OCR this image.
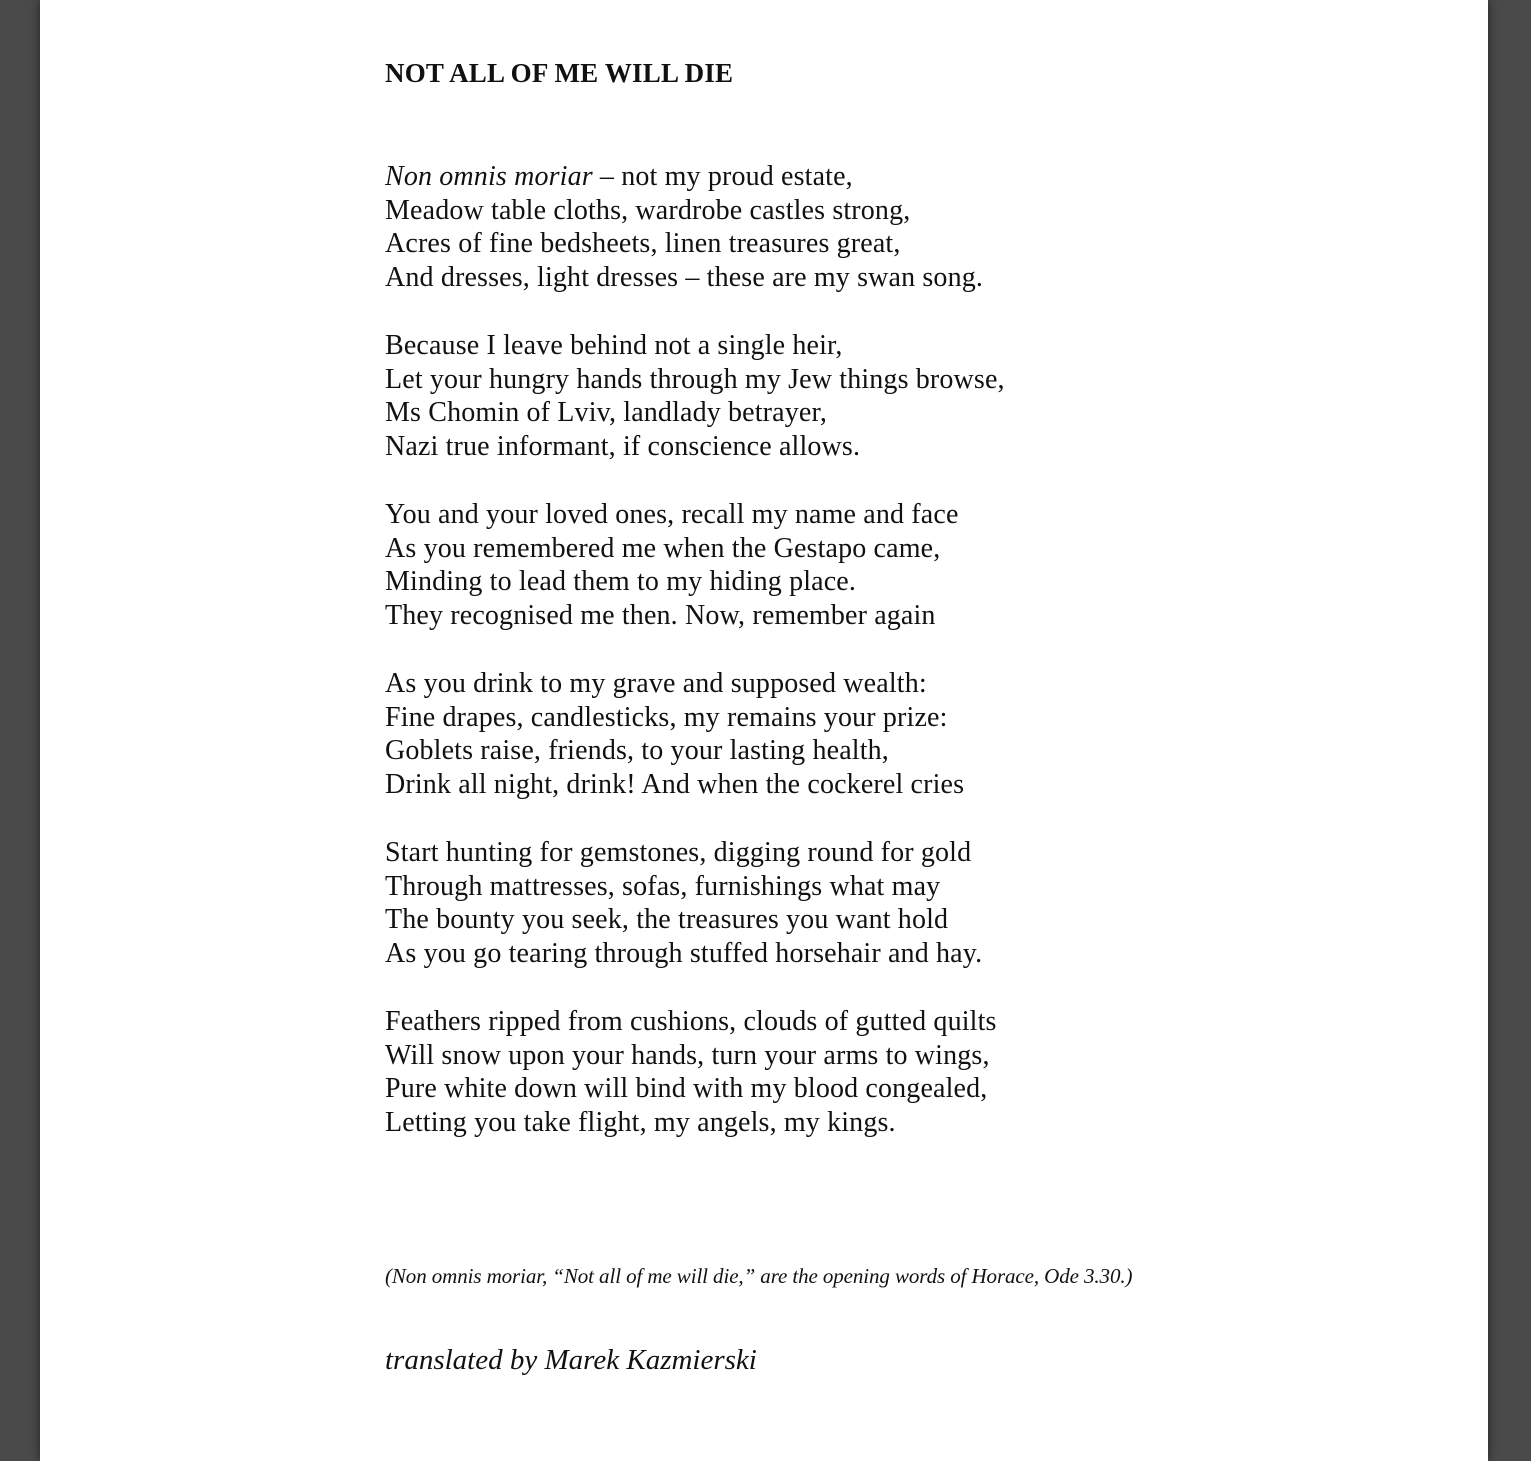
NOT ALL OF ME WILL DIE
Non omnis moriar – not my proud estate,
Meadow table cloths, wardrobe castles strong,
Acres of fine bedsheets, linen treasures great,
And dresses, light dresses – these are my swan song.
Because I leave behind not a single heir,
Let your hungry hands through my Jew things browse,
Ms Chomin of Lviv, landlady betrayer,
Nazi true informant, if conscience allows.
You and your loved ones, recall my name and face
As you remembered me when the Gestapo came,
Minding to lead them to my hiding place.
They recognised me then. Now, remember again
As you drink to my grave and supposed wealth:
Fine drapes, candlesticks, my remains your prize:
Goblets raise, friends, to your lasting health,
Drink all night, drink! And when the cockerel cries
Start hunting for gemstones, digging round for gold
Through mattresses, sofas, furnishings what may
The bounty you seek, the treasures you want hold
As you go tearing through stuffed horsehair and hay.
Feathers ripped from cushions, clouds of gutted quilts
Will snow upon your hands, turn your arms to wings,
Pure white down will bind with my blood congealed,
Letting you take flight, my angels, my kings.
(Non omnis moriar, “Not all of me will die,” are the opening words of Horace, Ode 3.30.)
translated by Marek Kazmierski
